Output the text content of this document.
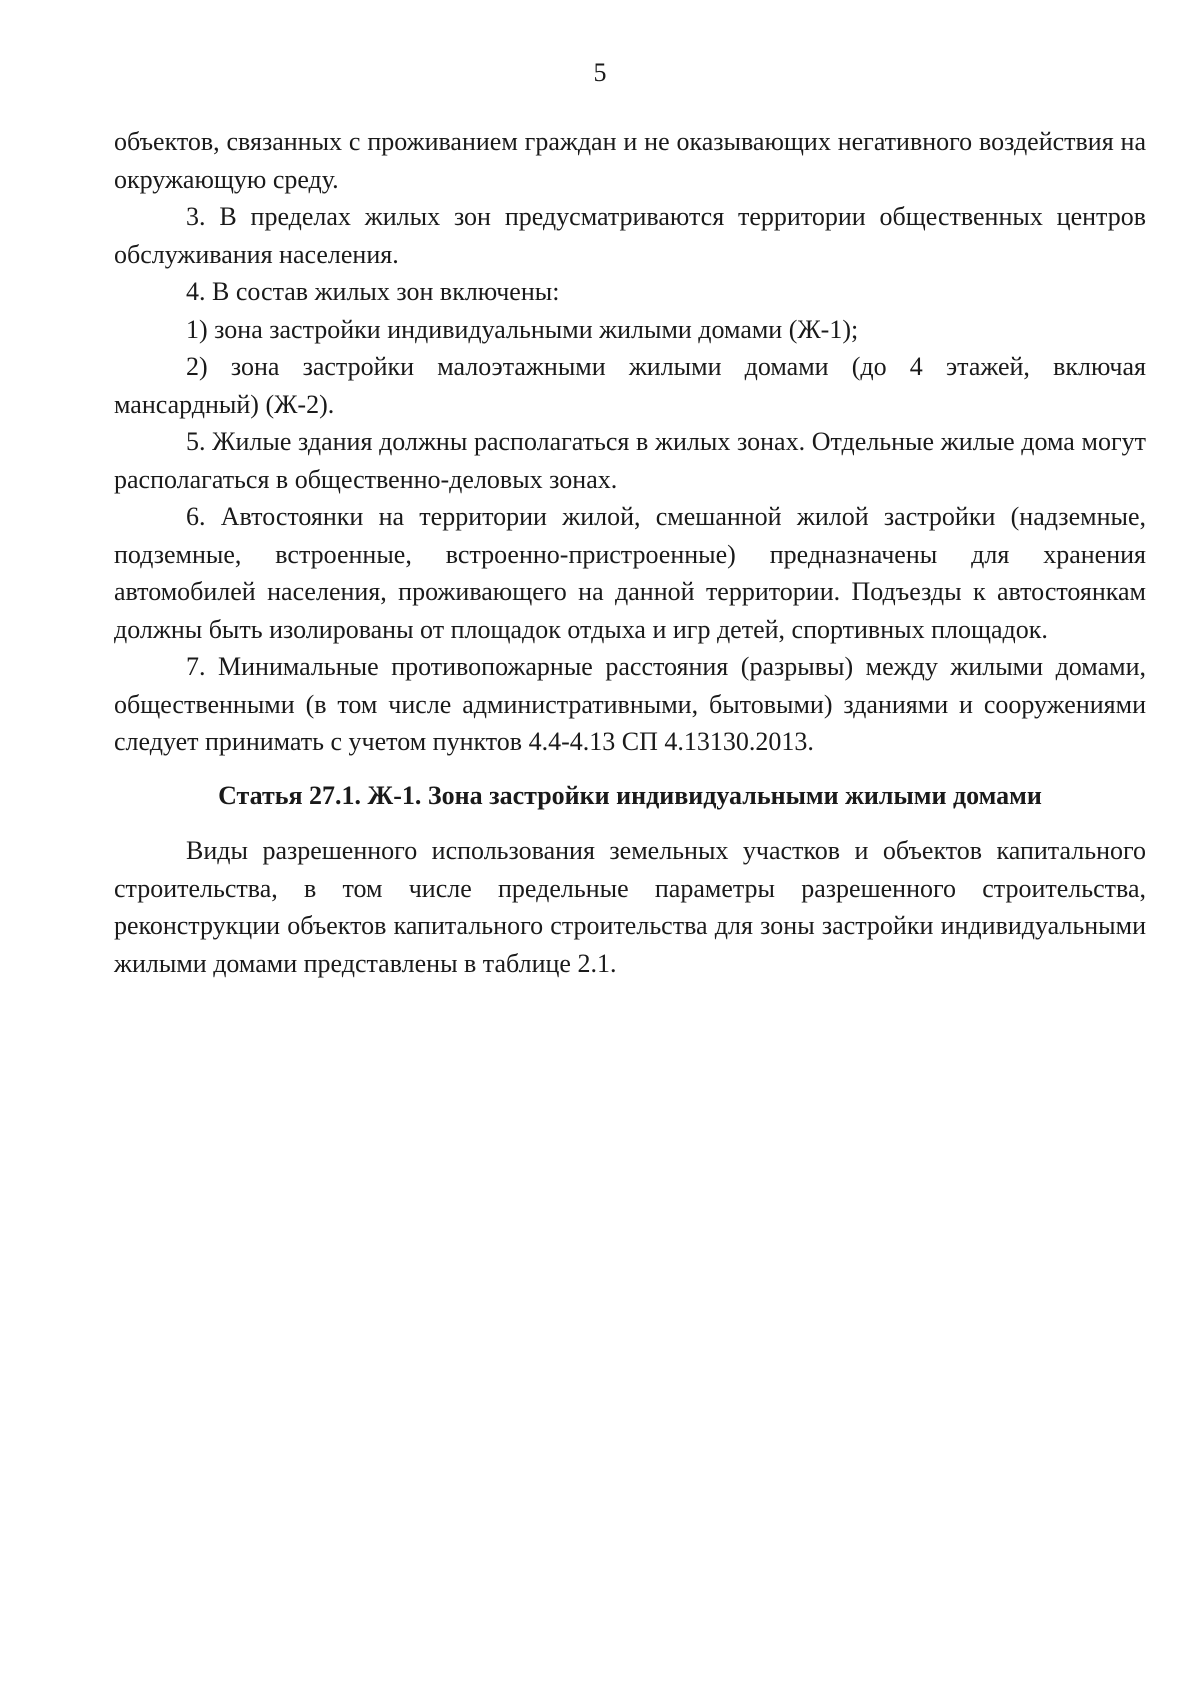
5

объектов, связанных с проживанием граждан и не оказывающих негативного воздействия на окружающую среду.

3. В пределах жилых зон предусматриваются территории общественных центров обслуживания населения.

4. В состав жилых зон включены:

1) зона застройки индивидуальными жилыми домами (Ж-1);

2) зона застройки малоэтажными жилыми домами (до 4 этажей, включая мансардный) (Ж-2).

5. Жилые здания должны располагаться в жилых зонах. Отдельные жилые дома могут располагаться в общественно-деловых зонах.

6. Автостоянки на территории жилой, смешанной жилой застройки (надземные, подземные, встроенные, встроенно-пристроенные) предназначены для хранения автомобилей населения, проживающего на данной территории. Подъезды к автостоянкам должны быть изолированы от площадок отдыха и игр детей, спортивных площадок.

7. Минимальные противопожарные расстояния (разрывы) между жилыми домами, общественными (в том числе административными, бытовыми) зданиями и сооружениями следует принимать с учетом пунктов 4.4-4.13 СП 4.13130.2013.

Статья 27.1. Ж-1. Зона застройки индивидуальными жилыми домами

Виды разрешенного использования земельных участков и объектов капитального строительства, в том числе предельные параметры разрешенного строительства, реконструкции объектов капитального строительства для зоны застройки индивидуальными жилыми домами представлены в таблице 2.1.
